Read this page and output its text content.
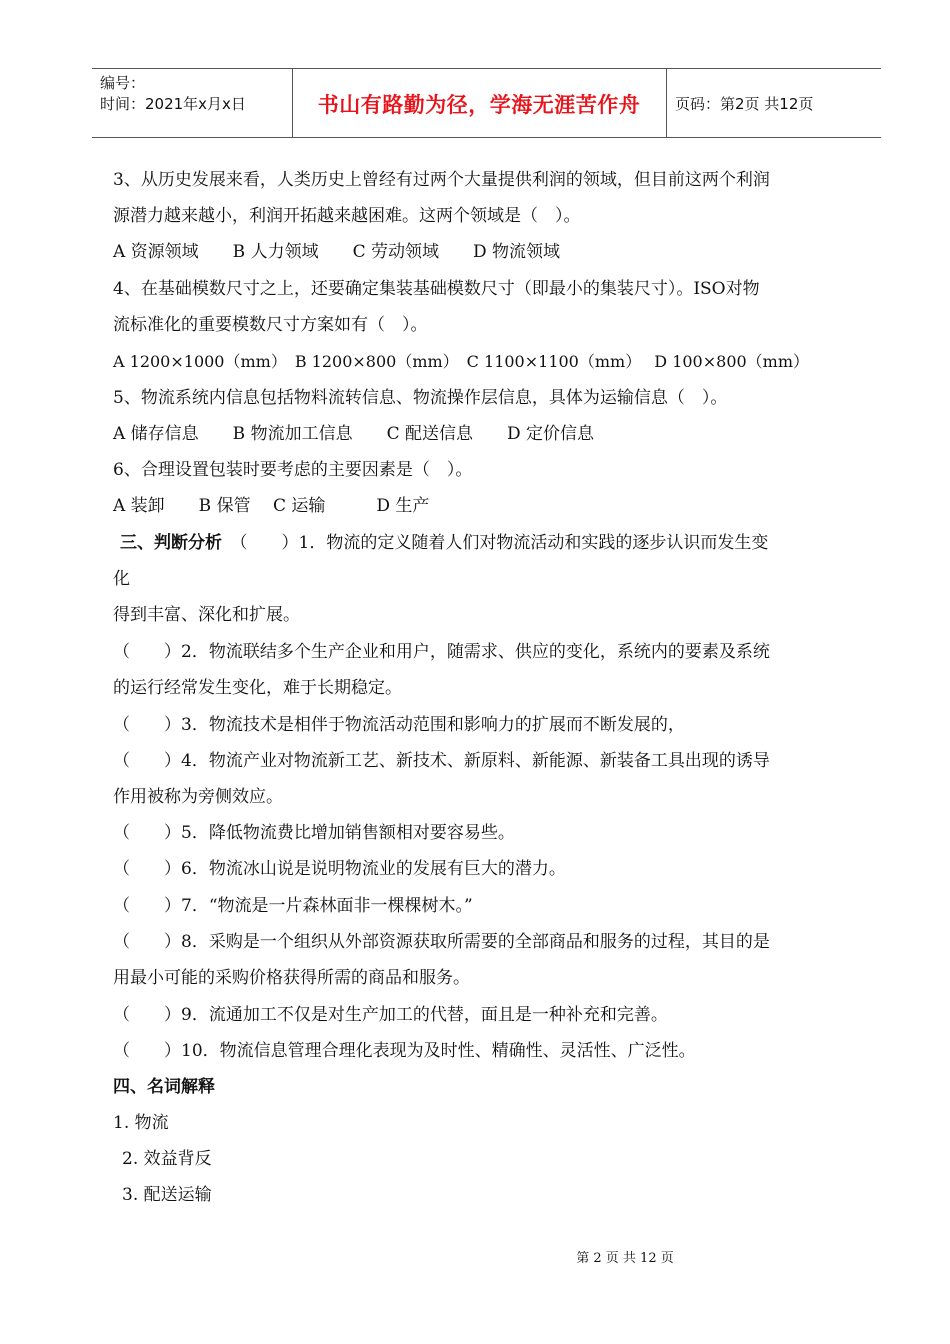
编号：
时间：2021年x月x日	书山有路勤为径，学海无涯苦作舟	页码：第2页 共12页
3、从历史发展来看，人类历史上曾经有过两个大量提供利润的领域，但目前这两个利润
源潜力越来越小，利润开拓越来越困难。这两个领域是（　）。
A 资源领域　　B 人力领域　　C 劳动领域　　D 物流领域
4、在基础模数尺寸之上，还要确定集装基础模数尺寸（即最小的集装尺寸）。ISO对物
流标准化的重要模数尺寸方案如有（　）。
A 1200×1000（mm）　B 1200×800（mm）　C 1100×1100（mm）　 D 100×800（mm）
5、物流系统内信息包括物料流转信息、物流操作层信息，具体为运输信息（　）。
A 储存信息　　B 物流加工信息　　C 配送信息　　D 定价信息
6、合理设置包装时要考虑的主要因素是（　）。
A 装卸　　B 保管　 C 运输　　　D 生产
三、判断分析　 （　　）1．物流的定义随着人们对物流活动和实践的逐步认识而发生变
化
得到丰富、深化和扩展。
（　　）2．物流联结多个生产企业和用户，随需求、供应的变化，系统内的要素及系统
的运行经常发生变化，难于长期稳定。
（　　）3．物流技术是相伴于物流活动范围和影响力的扩展而不断发展的，
（　　）4．物流产业对物流新工艺、新技术、新原料、新能源、新装备工具出现的诱导
作用被称为旁侧效应。
（　　）5．降低物流费比增加销售额相对要容易些。
（　　）6．物流冰山说是说明物流业的发展有巨大的潜力。
（　　）7．“物流是一片森林面非一棵棵树木。”
（　　）8．采购是一个组织从外部资源获取所需要的全部商品和服务的过程，其目的是
用最小可能的采购价格获得所需的商品和服务。
（　　）9．流通加工不仅是对生产加工的代替，面且是一种补充和完善。
（　　）10．物流信息管理合理化表现为及时性、精确性、灵活性、广泛性。
四、名词解释
1. 物流
2. 效益背反
3. 配送运输
第 2 页 共 12 页
